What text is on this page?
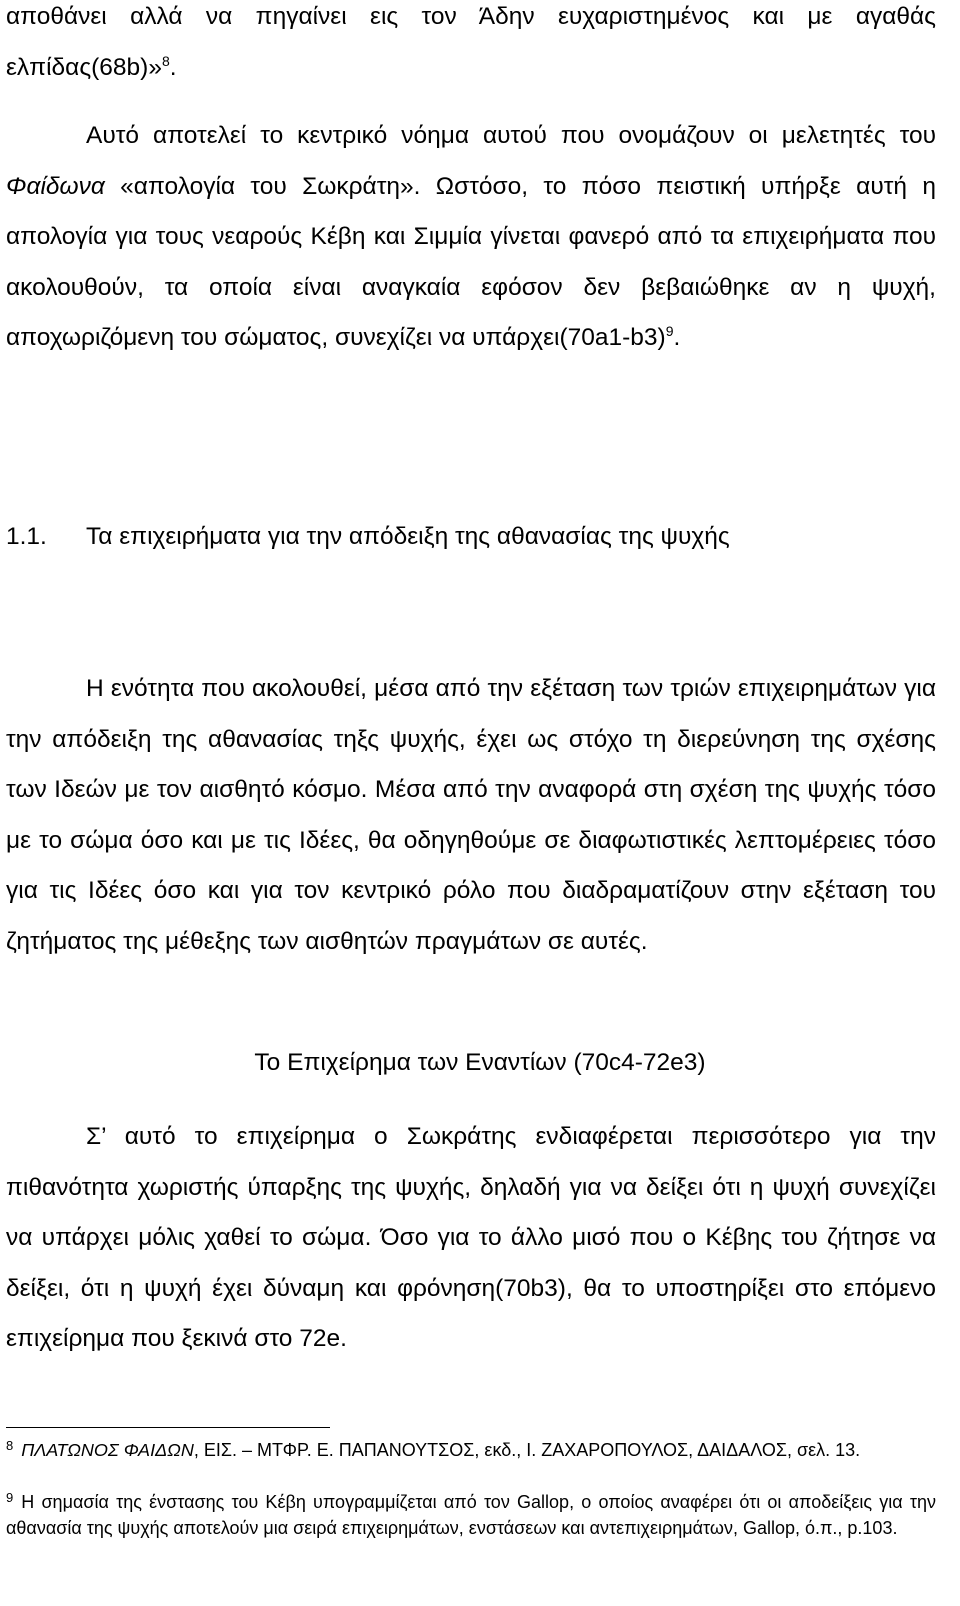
αποθάνει αλλά να πηγαίνει εις τον Άδην ευχαριστημένος και με αγαθάς ελπίδας(68b)»$^8$.

Αυτό αποτελεί το κεντρικό νόημα αυτού που ονομάζουν οι μελετητές του Φαίδωνα «απολογία του Σωκράτη». Ωστόσο, το πόσο πειστική υπήρξε αυτή η απολογία για τους νεαρούς Κέβη και Σιμμία γίνεται φανερό από τα επιχειρήματα που ακολουθούν, τα οποία είναι αναγκαία εφόσον δεν βεβαιώθηκε αν η ψυχή, αποχωριζόμενη του σώματος, συνεχίζει να $\upsilon\pi ά\rho\chi\varepsilon\iota(70a1-b3)^9$.

1.1. Τα επιχειρήματα για την απόδειξη της αθανασίας της ψυχής

Η ενότητα που ακολουθεί, μέσα από την εξέταση των τριών επιχειρημάτων για την απόδειξη της αθανασίας τηξς ψυχής, έχει ως στόχο τη διερεύνηση της σχέσης των Ιδεών με τον αισθητό κόσμο. Μέσα από την αναφορά στη σχέση της ψυχής τόσο με το σώμα όσο και με τις Ιδέες, θα οδηγηθούμε σε διαφωτιστικές λεπτομέρειες τόσο για τις Ιδέες όσο και για τον κεντρικό ρόλο που διαδραματίζουν στην εξέταση του ζητήματος της μέθεξης των αισθητών πραγμάτων σε αυτές.

Το Επιχείρημα των Εναντίων (70c4-72e3)

Σ’ αυτό το επιχείρημα ο Σωκράτης ενδιαφέρεται περισσότερο για την πιθανότητα χωριστής ύπαρξης της ψυχής, δηλαδή για να δείξει ότι η ψυχή συνεχίζει να υπάρχει μόλις χαθεί το σώμα. Όσο για το άλλο μισό που ο Κέβης του ζήτησε να δείξει, ότι η ψυχή έχει δύναμη και φρόνηση(70b3), θα το υποστηρίξει στο επόμενο επιχείρημα που ξεκινά στο 72e.

$^8$ ΠΛΑΤΩΝΟΣ ΦΑΙΔΩΝ, ΕΙΣ. – ΜΤΦΡ. Ε. ΠΑΠΑΝΟΥΤΣΟΣ, εκδ., Ι. ΖΑΧΑΡΟΠΟΥΛΟΣ, ΔΑΙΔΑΛΟΣ, σελ. 13.

$^9$ Η σημασία της ένστασης του Κέβη υπογραμμίζεται από τον Gallop, ο οποίος αναφέρει ότι οι αποδείξεις για την αθανασία της ψυχής αποτελούν μια σειρά επιχειρημάτων, ενστάσεων και αντεπιχειρημάτων, Gallop, ό.π., p.103.
